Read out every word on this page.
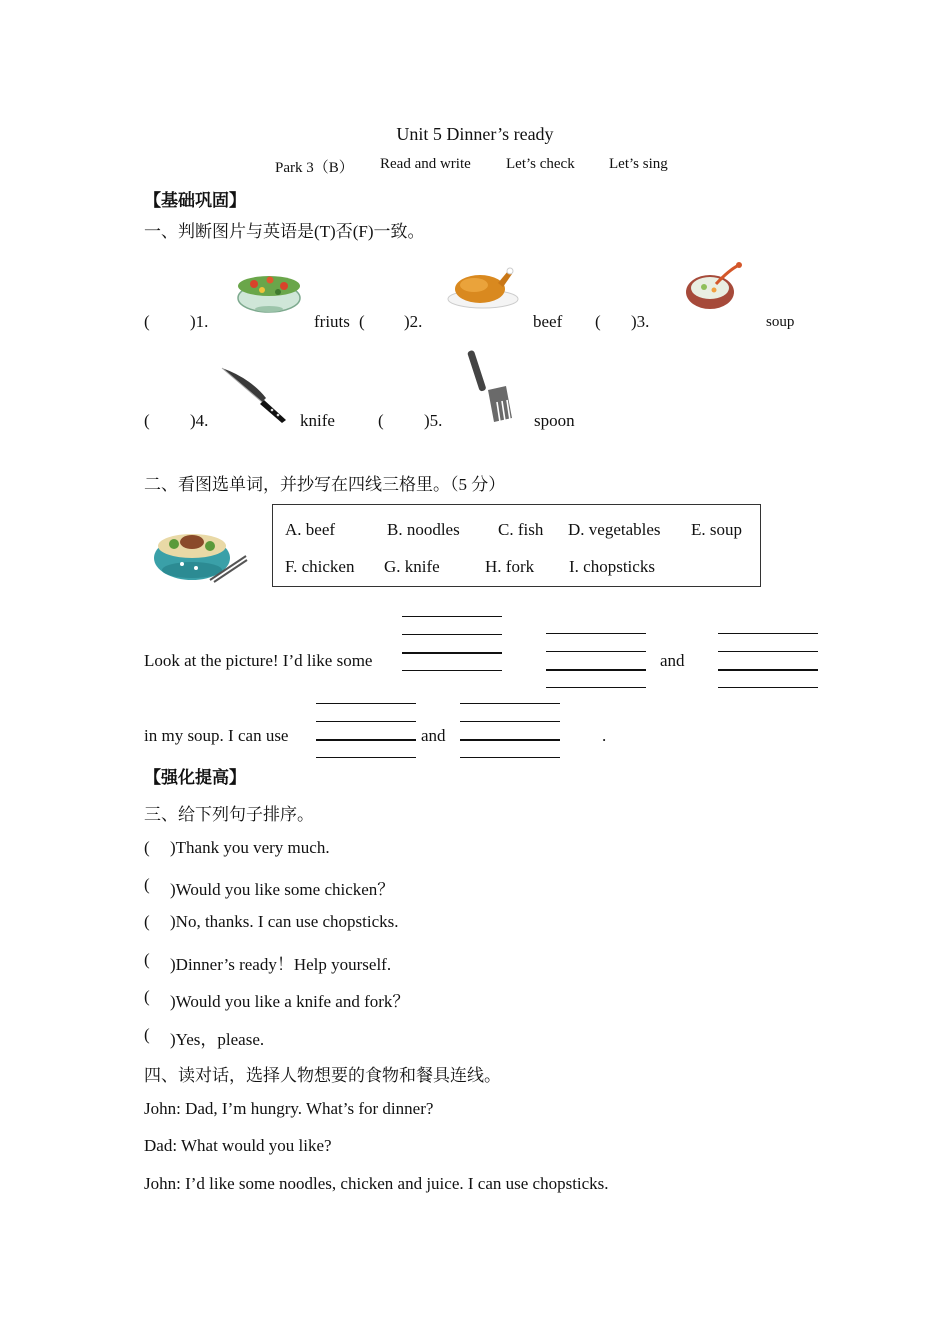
Unit 5 Dinner’s ready
Park 3（B） Read and write Let’s check Let’s sing
【基础巩固】
一、判断图片与英语是(T)否(F)一致。
( )1.	friuts ( )2.	beef ( )3.	soup
( )4.	knife	( )5.	spoon
二、看图选单词，并抄写在四线三格里。（5 分）
A. beef	B. noodles C. fish D. vegetables E. soup
F. chicken G. knife	H. fork I. chopsticks
Look at the picture! I’d like some	and
in my soup. I can use	and	.
【强化提高】
三、给下列句子排序。
( )Thank you very much.
( )Would you like some chicken？
( )No, thanks. I can use chopsticks.
( )Dinner’s ready！Help yourself.
( )Would you like a knife and fork？
( )Yes，please.
四、读对话，选择人物想要的食物和餐具连线。
John: Dad, I’m hungry. What’s for dinner?
Dad: What would you like?
John: I’d like some noodles, chicken and juice. I can use chopsticks.
